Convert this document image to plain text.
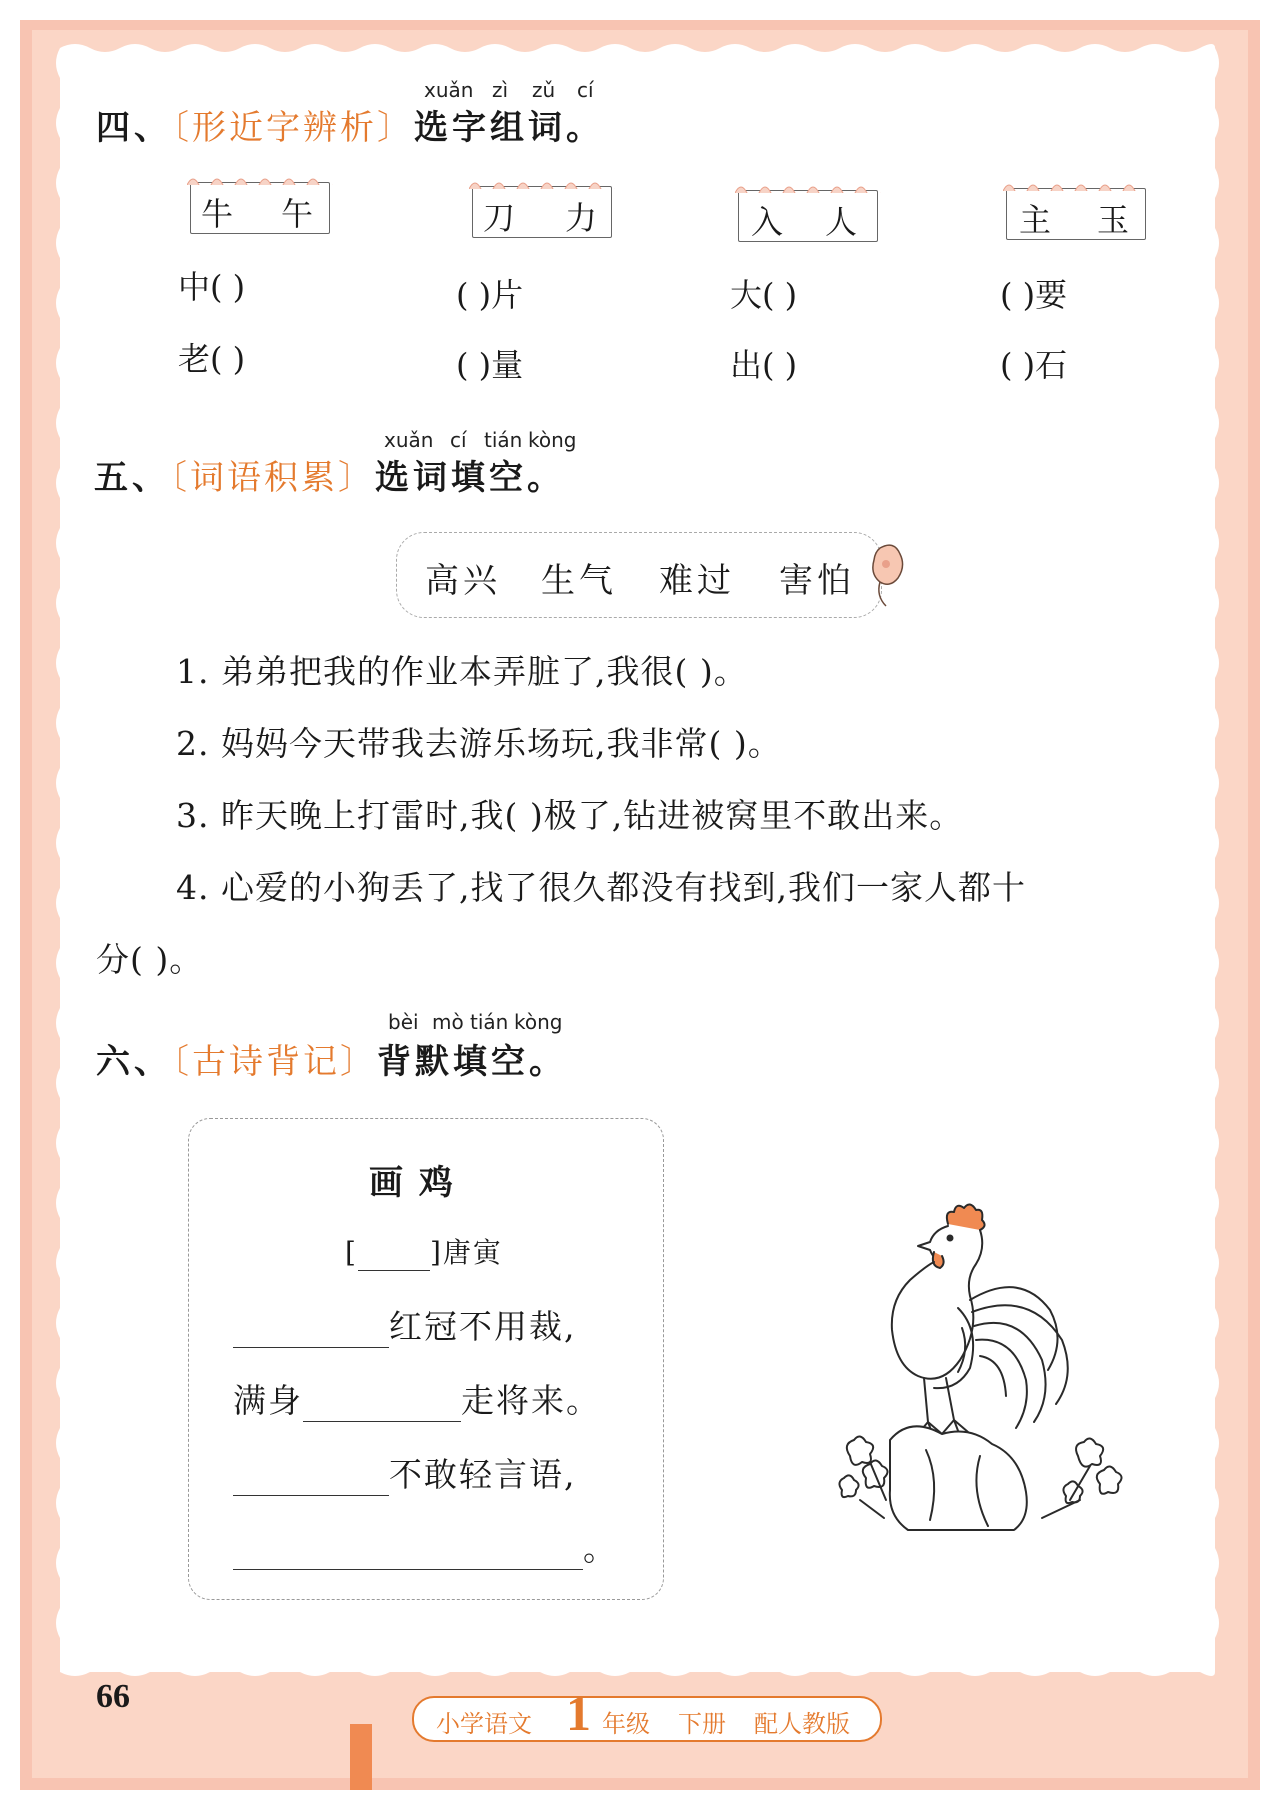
xuǎn zì zǔ cí
四、〔形近字辨析〕选字组词。
牛 午
中( )
老( )
刀 力
( )片
( )量
入 人
大( )
出( )
主 玉
( )要
( )石
xuǎn cí tián kòng
五、〔词语积累〕选词填空。
高兴 生气 难过 害怕
1. 弟弟把我的作业本弄脏了,我很( )。
2. 妈妈今天带我去游乐场玩,我非常( )。
3. 昨天晚上打雷时,我( )极了,钻进被窝里不敢出来。
4. 心爱的小狗丢了,找了很久都没有找到,我们一家人都十
分( )。
bèi mò tián kòng
六、〔古诗背记〕背默填空。
画 鸡
[	]唐寅
红冠不用裁,
满身	走将来。
不敢轻言语,
。
66
小学语文 1 年级 下册 配人教版
